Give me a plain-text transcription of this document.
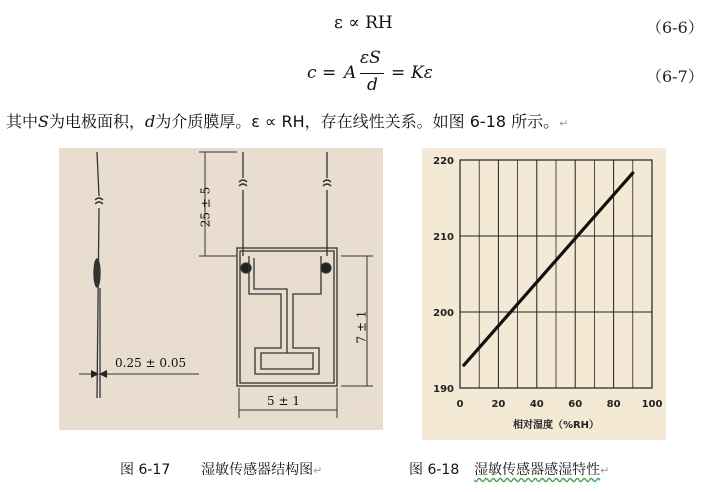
ε ∝ RH	（6-6）
c = A
εS
d
= Kε	（6-7）
其中S为电极面积，d为介质膜厚。ε ∝ RH，存在线性关系。如图 6-18 所示。↵
25 ± 5
7 ± 1
0.25 ± 0.05
5 ± 1	0	20 40 60 80 100
190
200
210
220
相对湿度（%RH）
图 6-17 湿敏传感器结构图↵	图 6-18 湿敏传感器感湿特性↵
